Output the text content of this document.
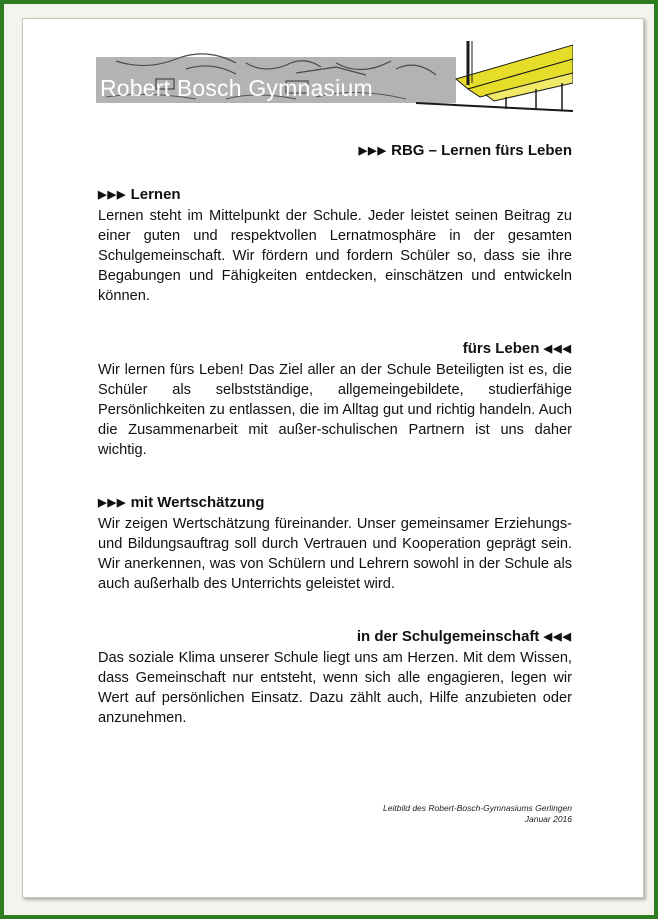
Robert Bosch Gymnasium
▶▶▶ RBG – Lernen fürs Leben
▶▶▶ Lernen
Lernen steht im Mittelpunkt der Schule. Jeder leistet seinen Beitrag zu einer guten und respektvollen Lernatmosphäre in der gesamten Schulgemeinschaft. Wir fördern und fordern Schüler so, dass sie ihre Begabungen und Fähigkeiten entdecken, einschätzen und entwickeln können.
fürs Leben ◀◀◀
Wir lernen fürs Leben! Das Ziel aller an der Schule Beteiligten ist es, die Schüler als selbstständige, allgemeingebildete, studierfähige Persönlichkeiten zu entlassen, die im Alltag gut und richtig handeln. Auch die Zusammenarbeit mit außer-schulischen Partnern ist uns daher wichtig.
▶▶▶ mit Wertschätzung
Wir zeigen Wertschätzung füreinander. Unser gemeinsamer Erziehungs- und Bildungsauftrag soll durch Vertrauen und Kooperation geprägt sein. Wir anerkennen, was von Schülern und Lehrern sowohl in der Schule als auch außerhalb des Unterrichts geleistet wird.
in der Schulgemeinschaft ◀◀◀
Das soziale Klima unserer Schule liegt uns am Herzen. Mit dem Wissen, dass Gemeinschaft nur entsteht, wenn sich alle engagieren, legen wir Wert auf persönlichen Einsatz. Dazu zählt auch, Hilfe anzubieten oder anzunehmen.
Leitbild des Robert-Bosch-Gymnasiums Gerlingen
Januar 2016
